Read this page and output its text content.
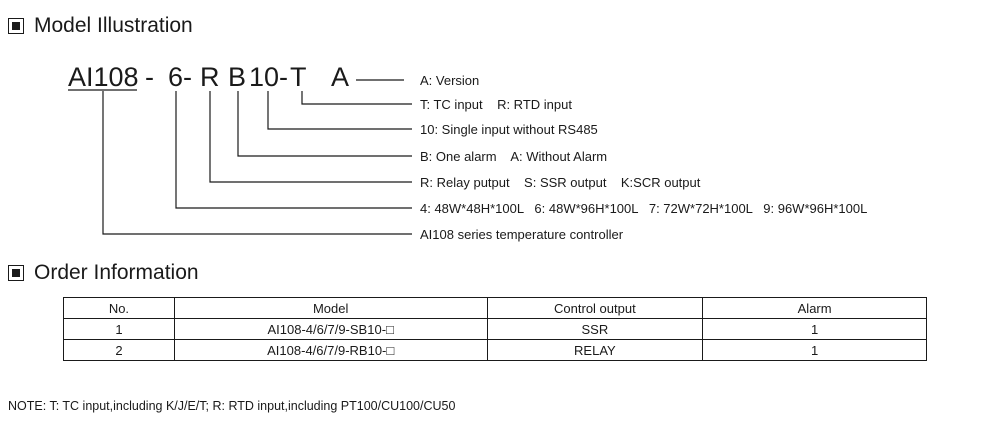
Model Illustration
AI108 - 6- R B 10- T A	A: Version
T: TC input    R: RTD input
10: Single input without RS485
B: One alarm    A: Without Alarm
R: Relay putput    S: SSR output    K:SCR output
4: 48W*48H*100L   6: 48W*96H*100L   7: 72W*72H*100L   9: 96W*96H*100L
AI108 series temperature controller
Order Information
No.	Model	Control output	Alarm
1	AI108-4/6/7/9-SB10-□	SSR	1
2	AI108-4/6/7/9-RB10-□	RELAY	1
NOTE: T: TC input,including K/J/E/T; R: RTD input,including PT100/CU100/CU50
